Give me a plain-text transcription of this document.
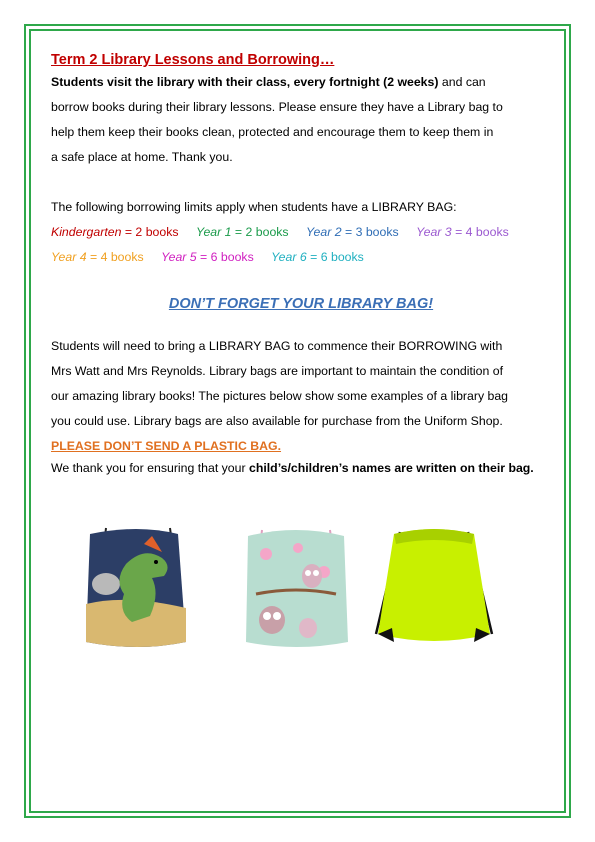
Term 2 Library Lessons and Borrowing…

Students visit the library with their class, every fortnight (2 weeks) and can

borrow books during their library lessons. Please ensure they have a Library bag to

help them keep their books clean, protected and encourage them to keep them in

a safe place at home. Thank you.

The following borrowing limits apply when students have a LIBRARY BAG:

Kindergarten = 2 books Year 1 = 2 books Year 2 = 3 books Year 3 = 4 books
Year 4 = 4 books Year 5 = 6 books Year 6 = 6 books
DON’T FORGET YOUR LIBRARY BAG!

Students will need to bring a LIBRARY BAG to commence their BORROWING with

Mrs Watt and Mrs Reynolds. Library bags are important to maintain the condition of

our amazing library books! The pictures below show some examples of a library bag

you could use. Library bags are also available for purchase from the Uniform Shop.

PLEASE DON’T SEND A PLASTIC BAG.

We thank you for ensuring that your child’s/children’s names are written on their bag.
